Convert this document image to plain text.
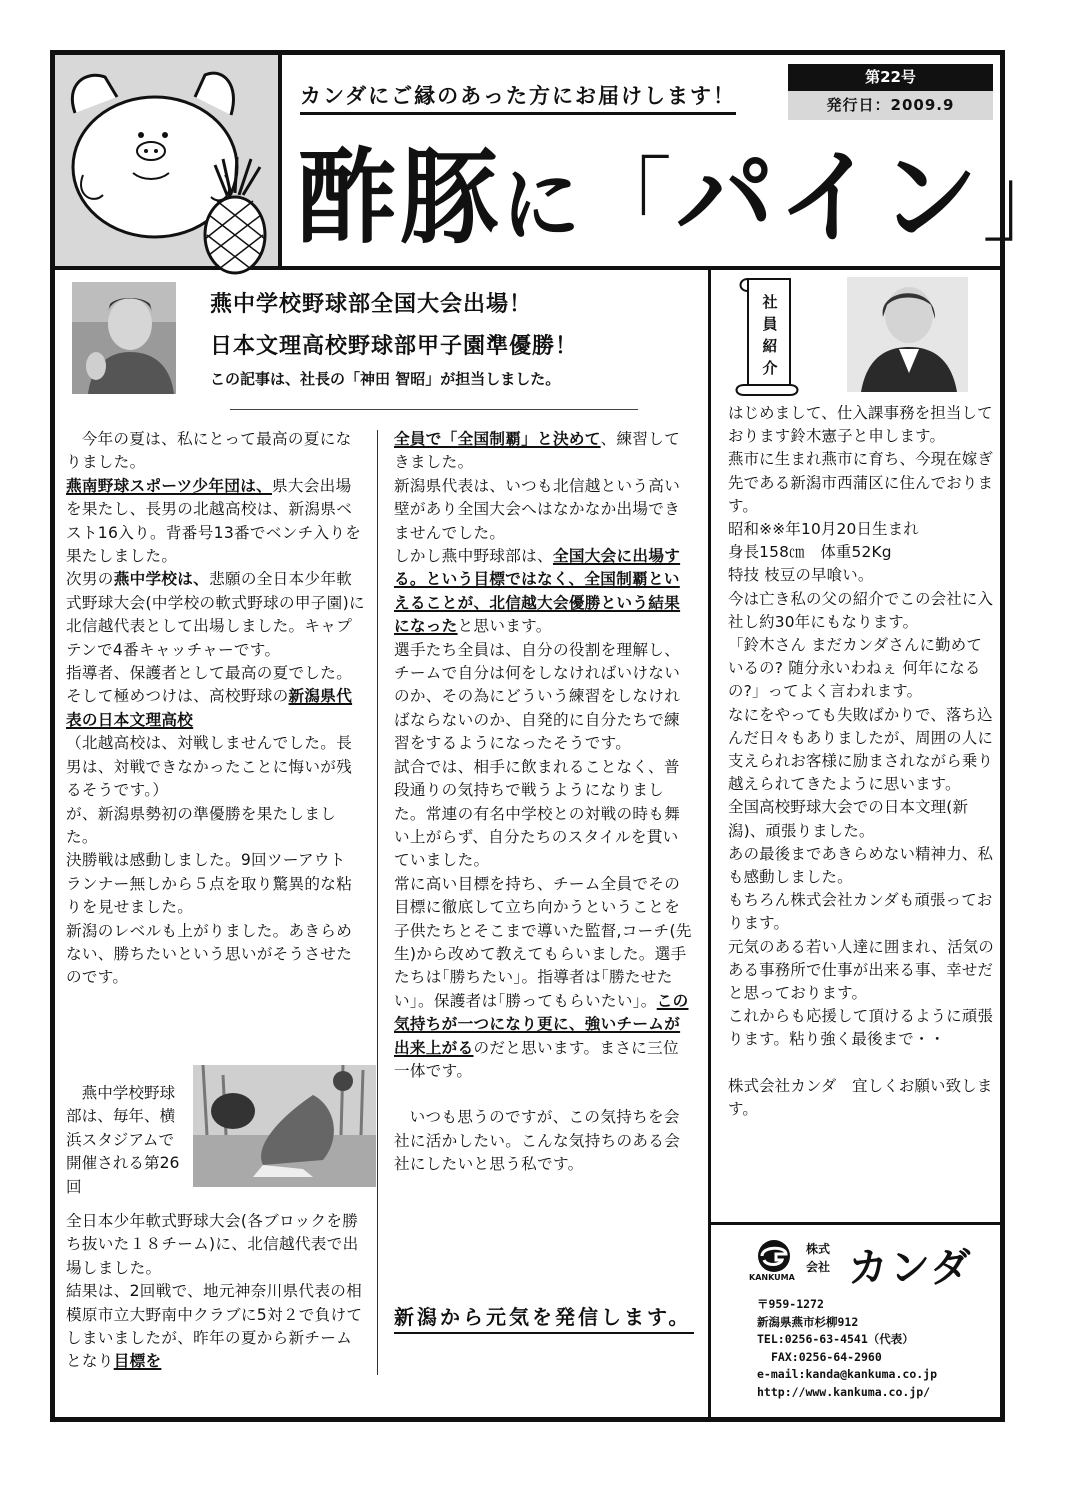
カンダにご縁のあった方にお届けします！
第22号
発行日：2009.9
酢豚に「パイン」
燕中学校野球部全国大会出場！
日本文理高校野球部甲子園準優勝！
この記事は、社長の「神田 智昭」が担当しました。

今年の夏は、私にとって最高の夏になりました。

燕南野球スポーツ少年団は、県大会出場を果たし、長男の北越高校は、新潟県ベスト16入り。背番号13番でベンチ入りを果たしました。

次男の燕中学校は、悲願の全日本少年軟式野球大会(中学校の軟式野球の甲子園)に北信越代表として出場しました。キャプテンで4番キャッチャーです。

指導者、保護者として最高の夏でした。そして極めつけは、高校野球の新潟県代表の日本文理高校

（北越高校は、対戦しませんでした。長男は、対戦できなかったことに悔いが残るそうです。）

が、新潟県勢初の準優勝を果たしました。

決勝戦は感動しました。9回ツーアウト　ランナー無しから５点を取り驚異的な粘りを見せました。

新潟のレベルも上がりました。あきらめない、勝ちたいという思いがそうさせたのです。

燕中学校野球部は、毎年、横浜スタジアムで開催される第26回

全日本少年軟式野球大会(各ブロックを勝ち抜いた１８チーム)に、北信越代表で出場しました。

結果は、2回戦で、地元神奈川県代表の相模原市立大野南中クラブに5対２で負けてしまいましたが、昨年の夏から新チームとなり目標を

全員で「全国制覇」と決めて、練習してきました。

新潟県代表は、いつも北信越という高い壁があり全国大会へはなかなか出場できませんでした。

しかし燕中野球部は、全国大会に出場する。という目標ではなく、全国制覇といえることが、北信越大会優勝という結果になったと思います。

選手たち全員は、自分の役割を理解し、チームで自分は何をしなければいけないのか、その為にどういう練習をしなければならないのか、自発的に自分たちで練習をするようになったそうです。

試合では、相手に飲まれることなく、普段通りの気持ちで戦うようになりました。常連の有名中学校との対戦の時も舞い上がらず、自分たちのスタイルを貫いていました。

常に高い目標を持ち、チーム全員でその目標に徹底して立ち向かうということを子供たちとそこまで導いた監督,コーチ(先生)から改めて教えてもらいました。選手たちは｢勝ちたい｣。指導者は｢勝たせたい｣。保護者は｢勝ってもらいたい｣。この気持ちが一つになり更に、強いチームが出来上がるのだと思います。まさに三位一体です。

いつも思うのですが、この気持ちを会社に活かしたい。こんな気持ちのある会社にしたいと思う私です。

新潟から元気を発信します。
社員紹介

はじめまして、仕入課事務を担当しております鈴木憲子と申します。

燕市に生まれ燕市に育ち、今現在嫁ぎ先である新潟市西蒲区に住んでおります。

昭和※※年10月20日生まれ

身長158㎝　体重52Kg

特技 枝豆の早喰い。

今は亡き私の父の紹介でこの会社に入社し約30年にもなります。

「鈴木さん まだカンダさんに勤めているの? 随分永いわねぇ 何年になるの?」ってよく言われます。

なにをやっても失敗ばかりで、落ち込んだ日々もありましたが、周囲の人に支えられお客様に励まされながら乗り越えられてきたように思います。

全国高校野球大会での日本文理(新潟)、頑張りました。

あの最後まであきらめない精神力、私も感動しました。

もちろん株式会社カンダも頑張っております。

元気のある若い人達に囲まれ、活気のある事務所で仕事が出来る事、幸せだと思っております。

これからも応援して頂けるように頑張ります。粘り強く最後まで・・

株式会社カンダ　宜しくお願い致します。

株式会社 カンダ
KANKUMA
〒959-1272
新潟県燕市杉柳912
TEL:0256-63-4541（代表）
FAX:0256-64-2960
e-mail:kanda@kankuma.co.jp
http://www.kankuma.co.jp/
